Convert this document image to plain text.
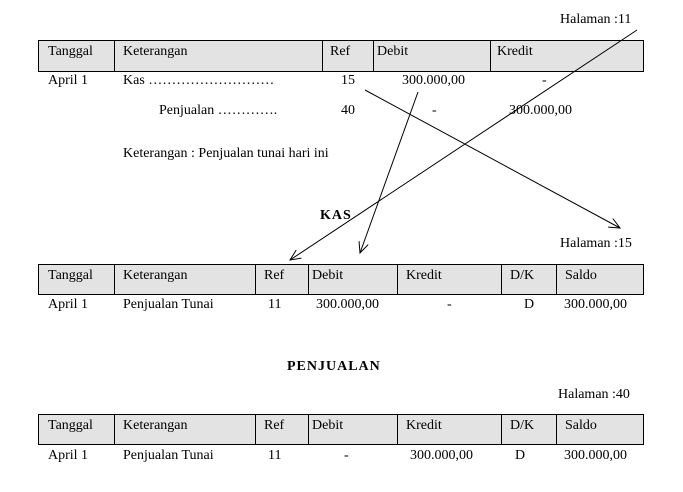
Halaman :11
Tanggal Keterangan	Ref Debit	Kredit
April 1 Kas ………………………	15	300.000,00	-
Penjualan ………….	40	-	300.000,00
Keterangan : Penjualan tunai hari ini
KAS
Halaman :15
Tanggal Keterangan	Ref Debit	Kredit	D/K Saldo
April 1 Penjualan Tunai	11 300.000,00	-	D 300.000,00
PENJUALAN
Halaman :40
Tanggal Keterangan	Ref Debit	Kredit	D/K Saldo
April 1 Penjualan Tunai	11	-	300.000,00	D	300.000,00
